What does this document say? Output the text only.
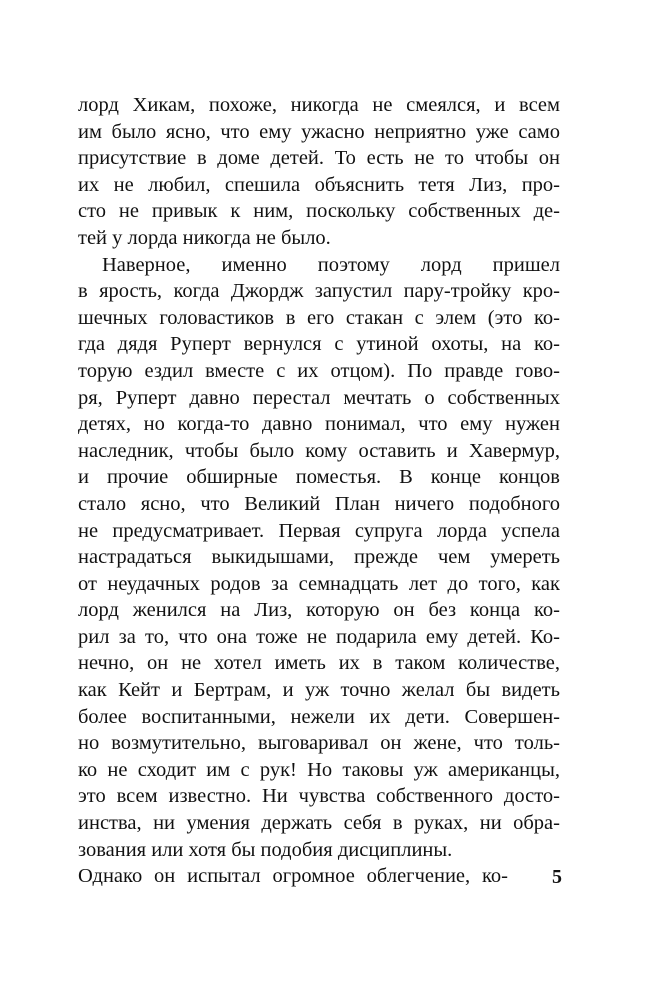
лорд Хикам, похоже, никогда не смеялся, и всем
им было ясно, что ему ужасно неприятно уже само
присутствие в доме детей. То есть не то чтобы он
их не любил, спешила объяснить тетя Лиз, про-
сто не привык к ним, поскольку собственных де-
тей у лорда никогда не было.
Наверное, именно поэтому лорд пришел
в ярость, когда Джордж запустил пару-тройку кро-
шечных головастиков в его стакан с элем (это ко-
гда дядя Руперт вернулся с утиной охоты, на ко-
торую ездил вместе с их отцом). По правде гово-
ря, Руперт давно перестал мечтать о собственных
детях, но когда-то давно понимал, что ему нужен
наследник, чтобы было кому оставить и Хавермур,
и прочие обширные поместья. В конце концов
стало ясно, что Великий План ничего подобного
не предусматривает. Первая супруга лорда успела
настрадаться выкидышами, прежде чем умереть
от неудачных родов за семнадцать лет до того, как
лорд женился на Лиз, которую он без конца ко-
рил за то, что она тоже не подарила ему детей. Ко-
нечно, он не хотел иметь их в таком количестве,
как Кейт и Бертрам, и уж точно желал бы видеть
более воспитанными, нежели их дети. Совершен-
но возмутительно, выговаривал он жене, что толь-
ко не сходит им с рук! Но таковы уж американцы,
это всем известно. Ни чувства собственного досто-
инства, ни умения держать себя в руках, ни обра-
зования или хотя бы подобия дисциплины.
Однако он испытал огромное облегчение, ко- 5
